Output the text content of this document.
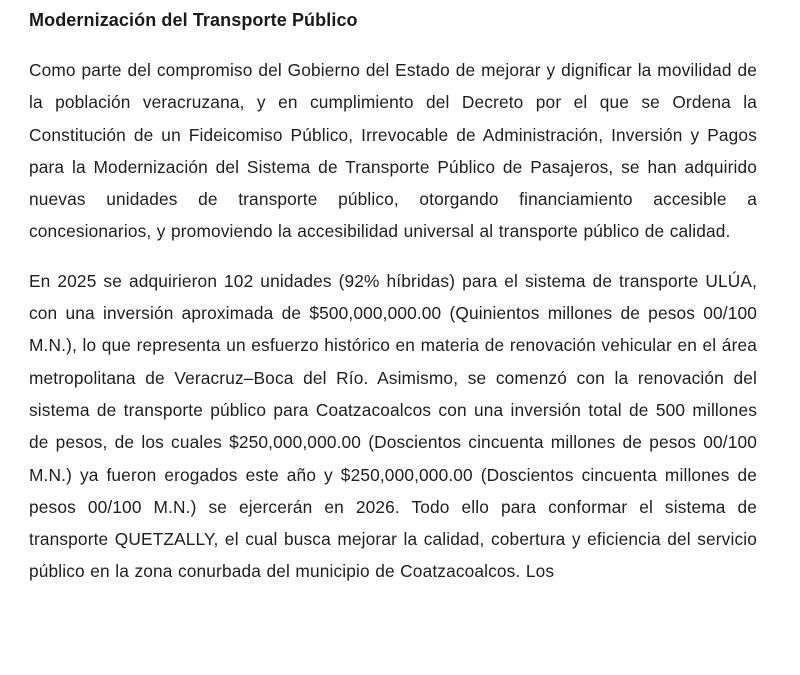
Modernización del Transporte Público

Como parte del compromiso del Gobierno del Estado de mejorar y dignificar la movilidad de la población veracruzana, y en cumplimiento del Decreto por el que se Ordena la Constitución de un Fideicomiso Público, Irrevocable de Administración, Inversión y Pagos para la Modernización del Sistema de Transporte Público de Pasajeros, se han adquirido nuevas unidades de transporte público, otorgando financiamiento accesible a concesionarios, y promoviendo la accesibilidad universal al transporte público de calidad.

En 2025 se adquirieron 102 unidades (92% híbridas) para el sistema de transporte ULÚA, con una inversión aproximada de $500,000,000.00 (Quinientos millones de pesos 00/100 M.N.), lo que representa un esfuerzo histórico en materia de renovación vehicular en el área metropolitana de Veracruz–Boca del Río. Asimismo, se comenzó con la renovación del sistema de transporte público para Coatzacoalcos con una inversión total de 500 millones de pesos, de los cuales $250,000,000.00 (Doscientos cincuenta millones de pesos 00/100 M.N.) ya fueron erogados este año y $250,000,000.00 (Doscientos cincuenta millones de pesos 00/100 M.N.) se ejercerán en 2026. Todo ello para conformar el sistema de transporte QUETZALLY, el cual busca mejorar la calidad, cobertura y eficiencia del servicio público en la zona conurbada del municipio de Coatzacoalcos. Los
